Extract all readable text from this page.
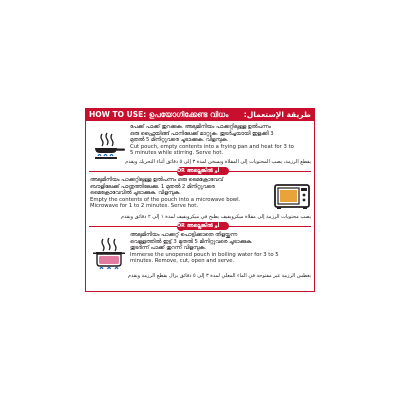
HOW TO USE: ഉപയോഗിക്കേണ്ട വിധം طريقة الإستعمال:
പേക്ക് പാക്ക് തുറക്കുക. അലുമിനിയം പാക്കറ്റിലുള്ള ഉൽപന്നം
ഒരു ഫ്രൈയിങ്ങ് പാനിലേക്ക് മാറ്റുക. തുടർച്ചയായി ഇളക്കി 3
മുതൽ 5 മിനിറ്റുവരെ ചൂടാക്കുക. വിളമ്പുക.
Cut pouch, empty contents into a frying pan and heat for 3 to
5 minutes while stirring. Serve hot.
يقطع الرزمة، يصب المحتويات إلى المقلاة ويسخن لمدة ٣ إلى ٥ دقائق أثناء التحريك ويقدم
OR അല്ലെങ്കിൽ أو
അലുമിനിയം പാക്കറ്റിലുള്ള ഉൽപന്നം ഒരു മൈക്രോവേവ്
ബൗളിലേക്ക് പാത്രത്തിലേക്കു. 1 മുതൽ 2 മിനിറ്റുവരെ
മൈക്രോവേവിൽ ചൂടാക്കുക. വിളമ്പുക.
Empty the contents of the pouch into a microwave bowl.
Microwave for 1 to 2 minutes. Serve hot.
يصب محتويات الرزمة إلى مقلاة ميكرويفيف يطبخ في ميكرويفيف لمدة ١ إلى ٢ دقائق ويقدم
OR അല്ലെങ്കിൽ أو
അലുമിനിയം പാക്കറ്റ് പൊട്ടിക്കാതെ തിളയ്ക്കുന്ന
വെള്ളത്തിൽ ഇട്ട് 3 മുതൽ 5 മിനിറ്റുവരെ ചൂടാക്കുക.
തുടർന്ന് പാക്ക് തുറന്ന് വിളമ്പുക.
Immerse the unopened pouch in boiling water for 3 to 5
minutes. Remove, cut, open and serve.
يغطس الرزمة غير مفتوحة في الماء المغلي لمدة ٣ إلى ٥ دقائق يزال يقطع الرزمة ويقدم
